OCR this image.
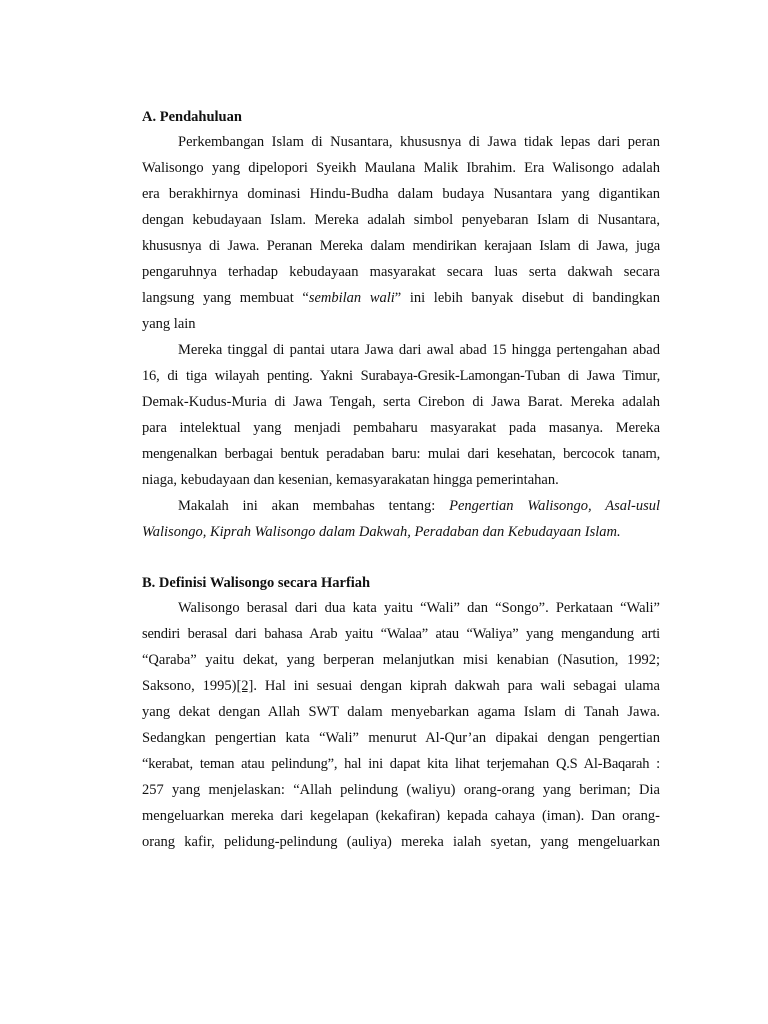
A. Pendahuluan

Perkembangan Islam di Nusantara, khususnya di Jawa tidak lepas dari peran

Walisongo yang dipelopori Syeikh Maulana Malik Ibrahim. Era Walisongo adalah

era berakhirnya dominasi Hindu-Budha dalam budaya Nusantara yang digantikan

dengan kebudayaan Islam. Mereka adalah simbol penyebaran Islam di Nusantara,

khususnya di Jawa. Peranan Mereka dalam mendirikan kerajaan Islam di Jawa, juga

pengaruhnya terhadap kebudayaan masyarakat secara luas serta dakwah secara

langsung yang membuat “sembilan wali” ini lebih banyak disebut di bandingkan

yang lain

Mereka tinggal di pantai utara Jawa dari awal abad 15 hingga pertengahan abad

16, di tiga wilayah penting. Yakni Surabaya-Gresik-Lamongan-Tuban di Jawa Timur,

Demak-Kudus-Muria di Jawa Tengah, serta Cirebon di Jawa Barat. Mereka adalah

para intelektual yang menjadi pembaharu masyarakat pada masanya. Mereka

mengenalkan berbagai bentuk peradaban baru: mulai dari kesehatan, bercocok tanam,

niaga, kebudayaan dan kesenian, kemasyarakatan hingga pemerintahan.

Makalah ini akan membahas tentang: Pengertian Walisongo, Asal-usul

Walisongo, Kiprah Walisongo dalam Dakwah, Peradaban dan Kebudayaan Islam.

B. Definisi Walisongo secara Harfiah

Walisongo berasal dari dua kata yaitu “Wali” dan “Songo”. Perkataan “Wali”

sendiri berasal dari bahasa Arab yaitu “Walaa” atau “Waliya” yang mengandung arti

“Qaraba” yaitu dekat, yang berperan melanjutkan misi kenabian (Nasution, 1992;

Saksono, 1995)[2]. Hal ini sesuai dengan kiprah dakwah para wali sebagai ulama

yang dekat dengan Allah SWT dalam menyebarkan agama Islam di Tanah Jawa.

Sedangkan pengertian kata “Wali” menurut Al-Qur’an dipakai dengan pengertian

“kerabat, teman atau pelindung”, hal ini dapat kita lihat terjemahan Q.S Al-Baqarah :

257 yang menjelaskan: “Allah pelindung (waliyu) orang-orang yang beriman; Dia

mengeluarkan mereka dari kegelapan (kekafiran) kepada cahaya (iman). Dan orang-

orang kafir, pelidung-pelindung (auliya) mereka ialah syetan, yang mengeluarkan
